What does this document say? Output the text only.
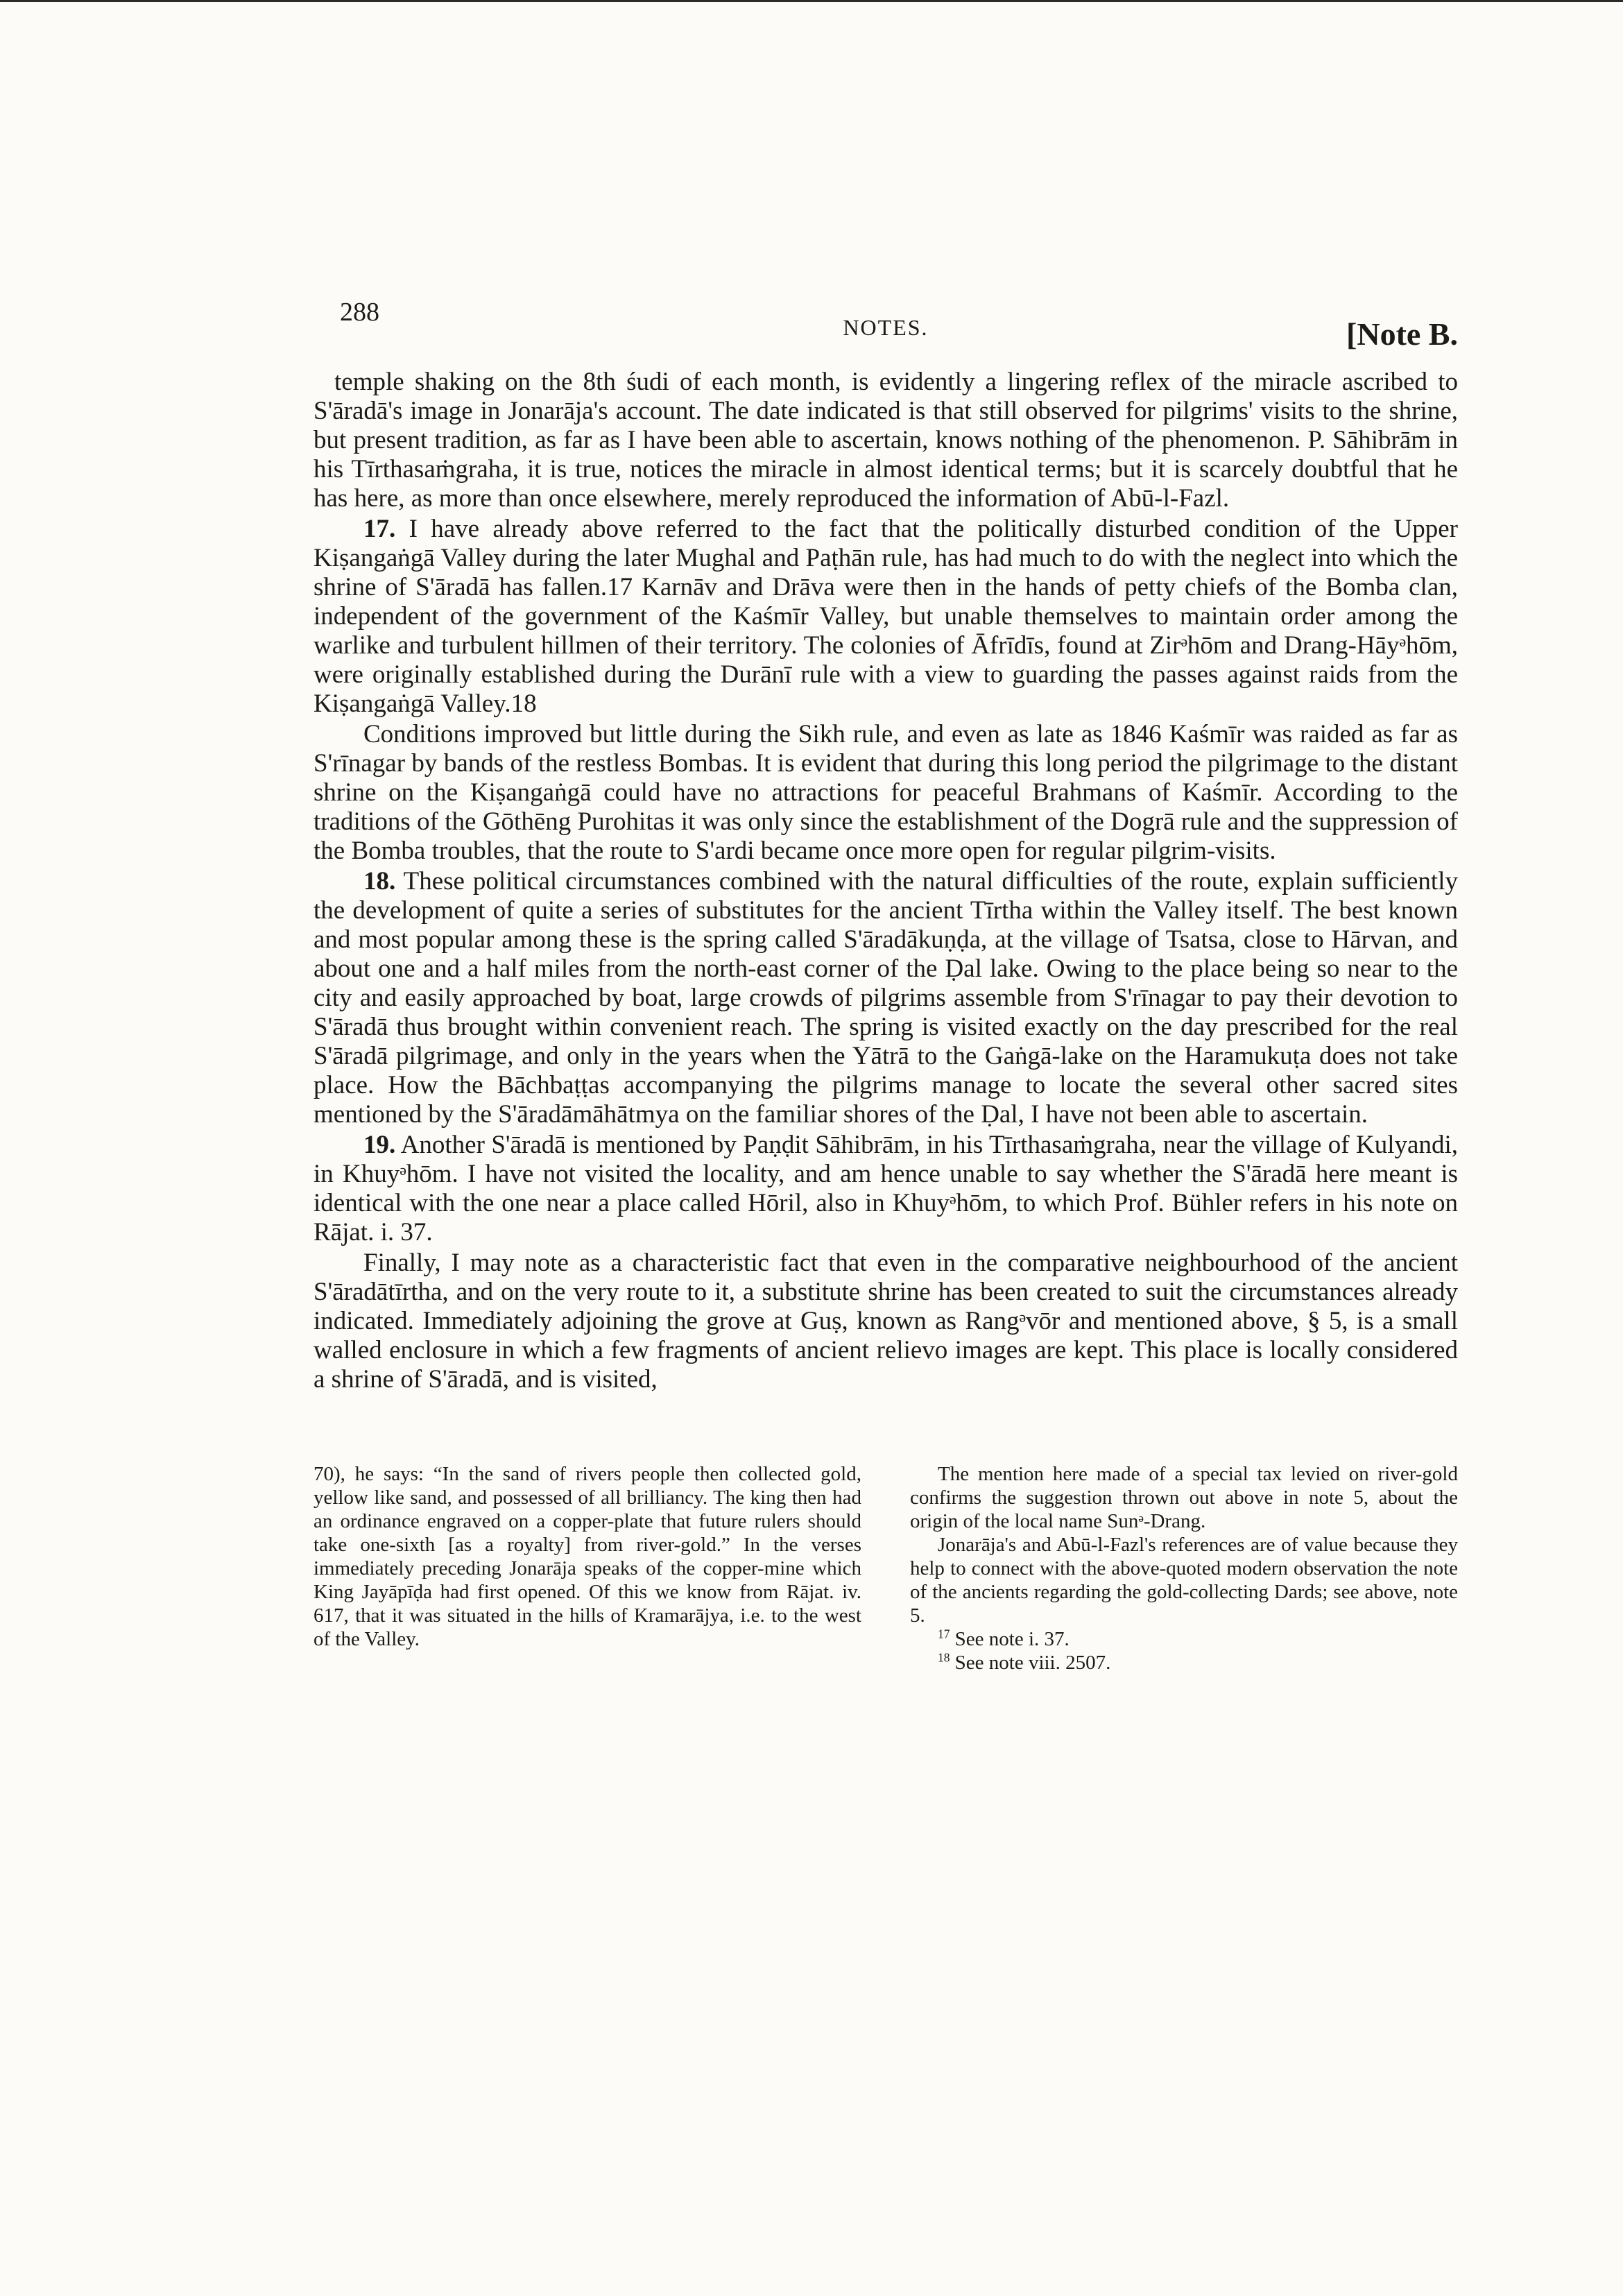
288
NOTES.	[Note B.

temple shaking on the 8th śudi of each month, is evidently a lingering reflex of the miracle ascribed to S'āradā's image in Jonarāja's account. The date indicated is that still observed for pilgrims' visits to the shrine, but present tradition, as far as I have been able to ascertain, knows nothing of the phenomenon. P. Sāhibrām in his Tīrthasaṁgraha, it is true, notices the miracle in almost identical terms; but it is scarcely doubtful that he has here, as more than once elsewhere, merely reproduced the information of Abū-l-Fazl.

17. I have already above referred to the fact that the politically disturbed condition of the Upper Kiṣangaṅgā Valley during the later Mughal and Paṭhān rule, has had much to do with the neglect into which the shrine of S'āradā has fallen.17 Karnāv and Drāva were then in the hands of petty chiefs of the Bomba clan, independent of the government of the Kaśmīr Valley, but unable themselves to maintain order among the warlike and turbulent hillmen of their territory. The colonies of Āfrīdīs, found at Zirᵊhōm and Drang-Hāyᵊhōm, were originally established during the Durānī rule with a view to guarding the passes against raids from the Kiṣangaṅgā Valley.18

Conditions improved but little during the Sikh rule, and even as late as 1846 Kaśmīr was raided as far as S'rīnagar by bands of the restless Bombas. It is evident that during this long period the pilgrimage to the distant shrine on the Kiṣangaṅgā could have no attractions for peaceful Brahmans of Kaśmīr. According to the traditions of the Gōthēng Purohitas it was only since the establishment of the Dogrā rule and the suppression of the Bomba troubles, that the route to S'ardi became once more open for regular pilgrim-visits.

18. These political circumstances combined with the natural difficulties of the route, explain sufficiently the development of quite a series of substitutes for the ancient Tīrtha within the Valley itself. The best known and most popular among these is the spring called S'āradākuṇḍa, at the village of Tsatsa, close to Hārvan, and about one and a half miles from the north-east corner of the Ḍal lake. Owing to the place being so near to the city and easily approached by boat, large crowds of pilgrims assemble from S'rīnagar to pay their devotion to S'āradā thus brought within convenient reach. The spring is visited exactly on the day prescribed for the real S'āradā pilgrimage, and only in the years when the Yātrā to the Gaṅgā-lake on the Haramukuṭa does not take place. How the Bāchbaṭṭas accompanying the pilgrims manage to locate the several other sacred sites mentioned by the S'āradāmāhātmya on the familiar shores of the Ḍal, I have not been able to ascertain.

19. Another S'āradā is mentioned by Paṇḍit Sāhibrām, in his Tīrthasaṁgraha, near the village of Kulyandi, in Khuyᵊhōm. I have not visited the locality, and am hence unable to say whether the S'āradā here meant is identical with the one near a place called Hōril, also in Khuyᵊhōm, to which Prof. Bühler refers in his note on Rājat. i. 37.

Finally, I may note as a characteristic fact that even in the comparative neighbourhood of the ancient S'āradātīrtha, and on the very route to it, a substitute shrine has been created to suit the circumstances already indicated. Immediately adjoining the grove at Guṣ, known as Rangᵊvōr and mentioned above, § 5, is a small walled enclosure in which a few fragments of ancient relievo images are kept. This place is locally considered a shrine of S'āradā, and is visited,

70), he says: “In the sand of rivers people then collected gold, yellow like sand, and possessed of all brilliancy. The king then had an ordinance engraved on a copper-plate that future rulers should take one-sixth [as a royalty] from river-gold.” In the verses immediately preceding Jonarāja speaks of the copper-mine which King Jayāpīḍa had first opened. Of this we know from Rājat. iv. 617, that it was situated in the hills of Kramarājya, i.e. to the west of the Valley.

The mention here made of a special tax levied on river-gold confirms the suggestion thrown out above in note 5, about the origin of the local name Sunᵊ-Drang.

Jonarāja's and Abū-l-Fazl's references are of value because they help to connect with the above-quoted modern observation the note of the ancients regarding the gold-collecting Dards; see above, note 5.

$^{17}$ See note i. 37.

$^{18}$ See note viii. 2507.
